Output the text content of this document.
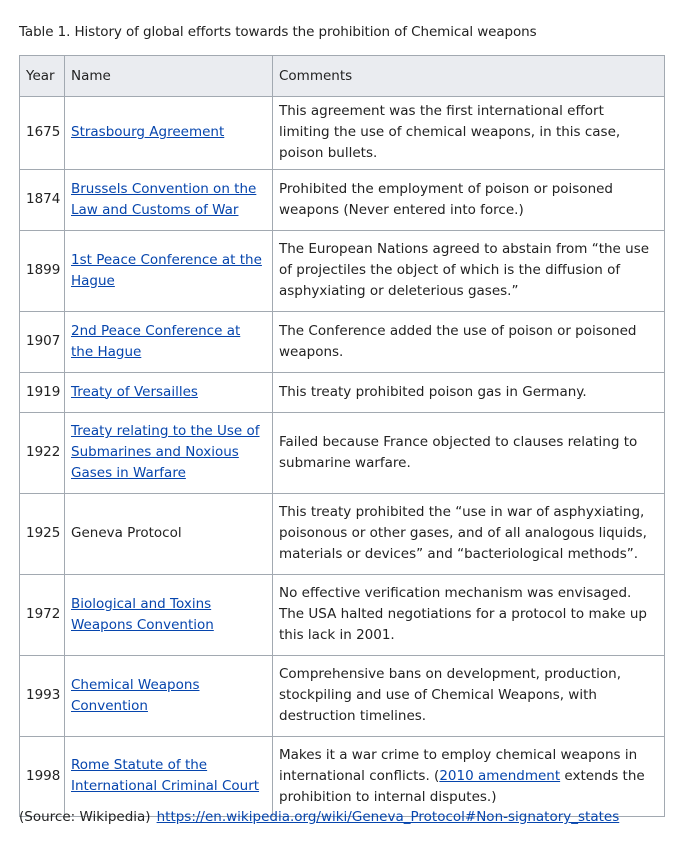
Table 1. History of global efforts towards the prohibition of Chemical weapons
Year	Name	Comments
1675	Strasbourg Agreement	This agreement was the first international effort limiting the use of chemical weapons, in this case, poison bullets.
1874	Brussels Convention on the Law and Customs of War	Prohibited the employment of poison or poisoned weapons (Never entered into force.)
1899	1st Peace Conference at the Hague	The European Nations agreed to abstain from “the use of projectiles the object of which is the diffusion of asphyxiating or deleterious gases.”
1907	2nd Peace Conference at the Hague	The Conference added the use of poison or poisoned weapons.
1919	Treaty of Versailles	This treaty prohibited poison gas in Germany.
1922	Treaty relating to the Use of Submarines and Noxious Gases in Warfare	Failed because France objected to clauses relating to submarine warfare.
1925	Geneva Protocol	This treaty prohibited the “use in war of asphyxiating, poisonous or other gases, and of all analogous liquids, materials or devices” and “bacteriological methods”.
1972	Biological and Toxins Weapons Convention	No effective verification mechanism was envisaged. The USA halted negotiations for a protocol to make up this lack in 2001.
1993	Chemical Weapons Convention	Comprehensive bans on development, production, stockpiling and use of Chemical Weapons, with destruction timelines.
1998	Rome Statute of the International Criminal Court	Makes it a war crime to employ chemical weapons in international conflicts. (2010 amendment extends the prohibition to internal disputes.)
(Source: Wikipedia) https://en.wikipedia.org/wiki/Geneva_Protocol#Non-signatory_states
